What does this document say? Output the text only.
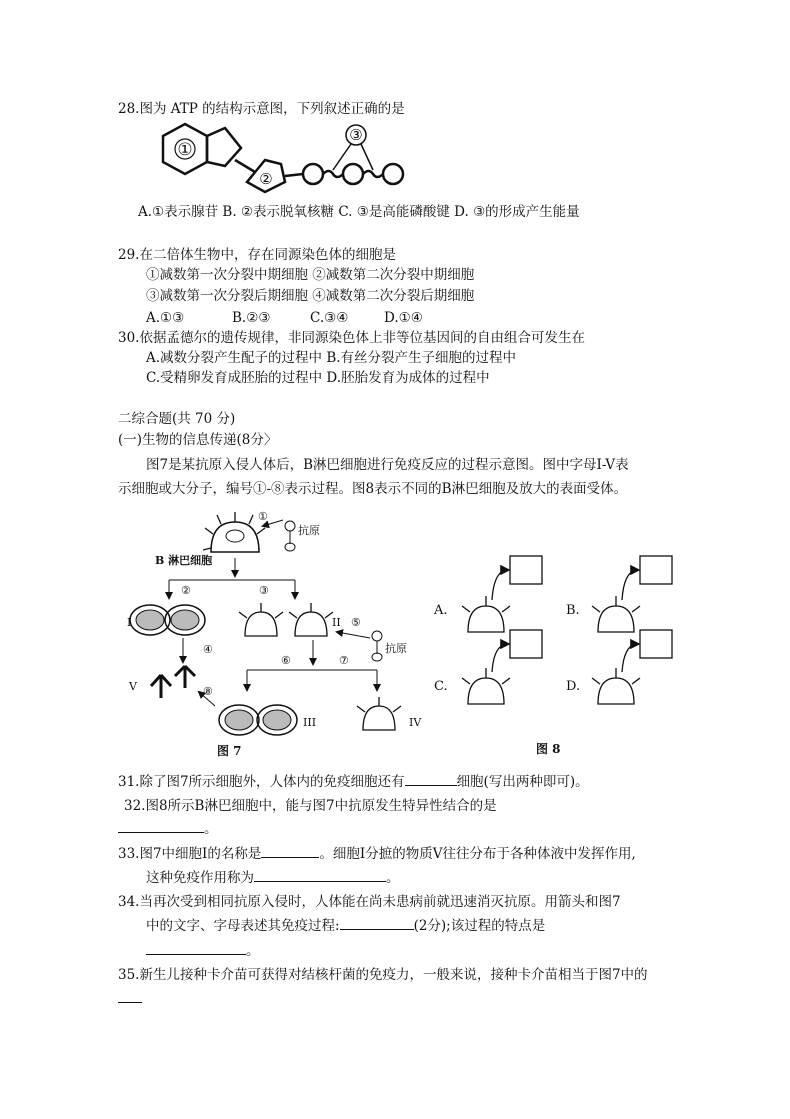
28.图为 ATP 的结构示意图，下列叙述正确的是
③
①
②
A.①表示腺苷 B. ②表示脱氧核糖 C. ③是高能磷酸键 D. ③的形成产生能量
29.在二倍体生物中，存在同源染色体的细胞是
①减数第一次分裂中期细胞 ②减数第二次分裂中期细胞
③减数第一次分裂后期细胞 ④减数第二次分裂后期细胞
A.①③	B.②③	C.③④	D.①④
30.依据孟德尔的遗传规律，非同源染色体上非等位基因间的自由组合可发生在
A.减数分裂产生配子的过程中 B.有丝分裂产生子细胞的过程中
C.受精卵发育成胚胎的过程中 D.胚胎发育为成体的过程中
二综合题(共 70 分)
(一)生物的信息传递(8分〉
图7是某抗原入侵人体后，B淋巴细胞进行免疫反应的过程示意图。图中字母I-V表
示细胞或大分子，编号①-⑧表示过程。图8表示不同的B淋巴细胞及放大的表面受体。
①
抗原
B 淋巴细胞
②	③
I	II ⑤
抗原
④
V	⑧
⑥	⑦
III	IV
图 7
A.	B.
C.	D.
图 8
31.除了图7所示细胞外，人体内的免疫细胞还有	细胞(写出两种即可)。
32.图8所示B淋巴细胞中，能与图7中抗原发生特异性结合的是
。
33.图7中细胞I的名称是	。细胞I分摭的物质V往往分布于各种体液中发挥作用,
这种免疫作用称为	。
34.当再次受到相同抗原入侵时，人体能在尚未患病前就迅速消灭抗原。用箭头和图7
中的文字、字母表述其免疫过程:	(2分);该过程的特点是
。
35.新生儿接种卡介苗可获得对结核杆菌的免疫力，一般来说，接种卡介苗相当于图7中的
